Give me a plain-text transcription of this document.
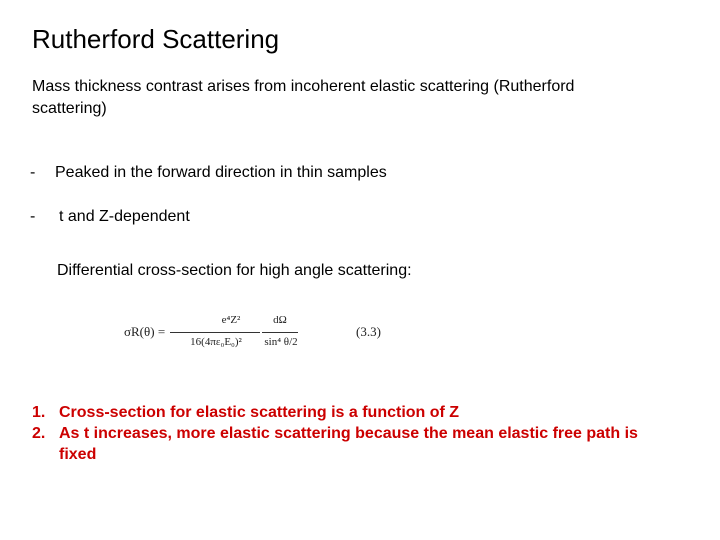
Rutherford Scattering

Mass thickness contrast arises from incoherent elastic scattering (Rutherford scattering)

- Peaked in the forward direction in thin samples

- t and Z-dependent

Differential cross-section for high angle scattering:

σR(θ) =
e⁴Z²
16(4πε₀E₀)²
dΩ
sin⁴ θ/2
(3.3)
1. Cross-section for elastic scattering is a function of Z
2. As t increases, more elastic scattering because the mean elastic free path is fixed
